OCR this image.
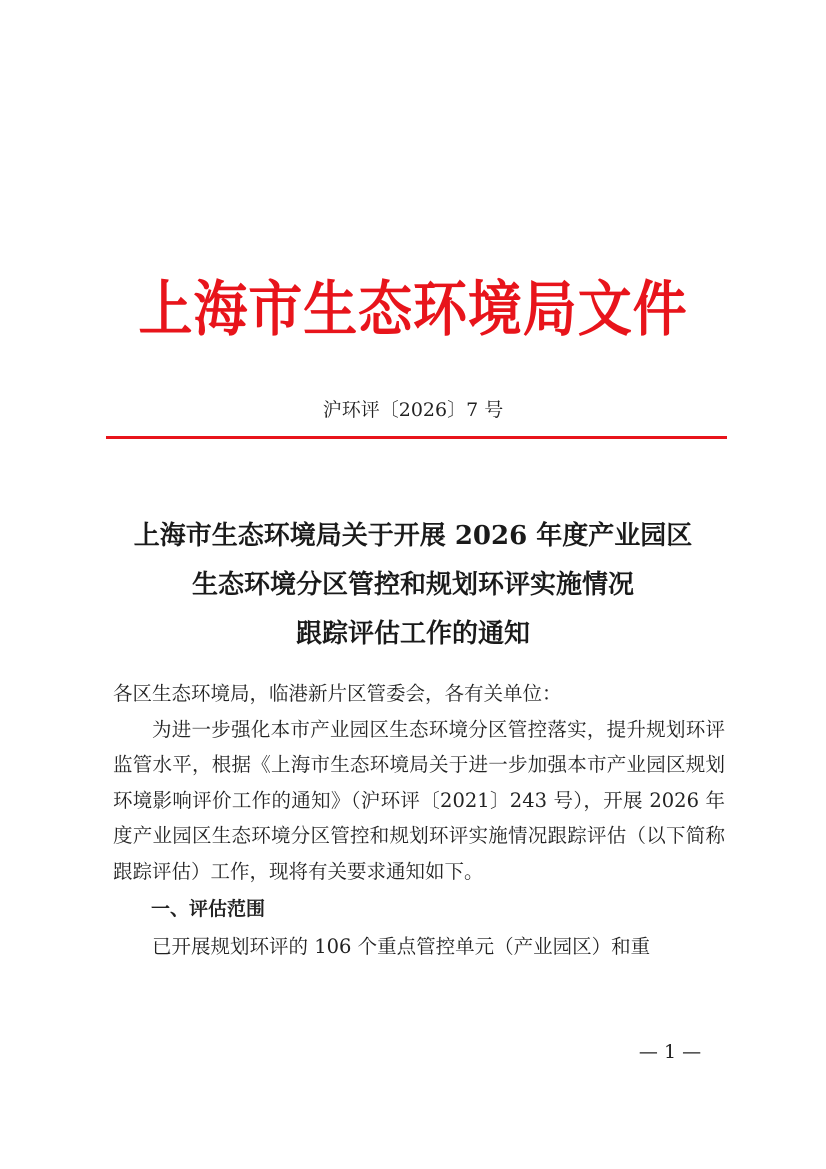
上海市生态环境局文件
沪环评〔2026〕7 号
上海市生态环境局关于开展 2026 年度产业园区
生态环境分区管控和规划环评实施情况
跟踪评估工作的通知

各区生态环境局，临港新片区管委会，各有关单位：

为进一步强化本市产业园区生态环境分区管控落实，提升规划环评监管水平，根据《上海市生态环境局关于进一步加强本市产业园区规划环境影响评价工作的通知》（沪环评〔2021〕243 号），开展 2026 年度产业园区生态环境分区管控和规划环评实施情况跟踪评估（以下简称跟踪评估）工作，现将有关要求通知如下。

一、评估范围

已开展规划环评的 106 个重点管控单元（产业园区）和重

— 1 —
